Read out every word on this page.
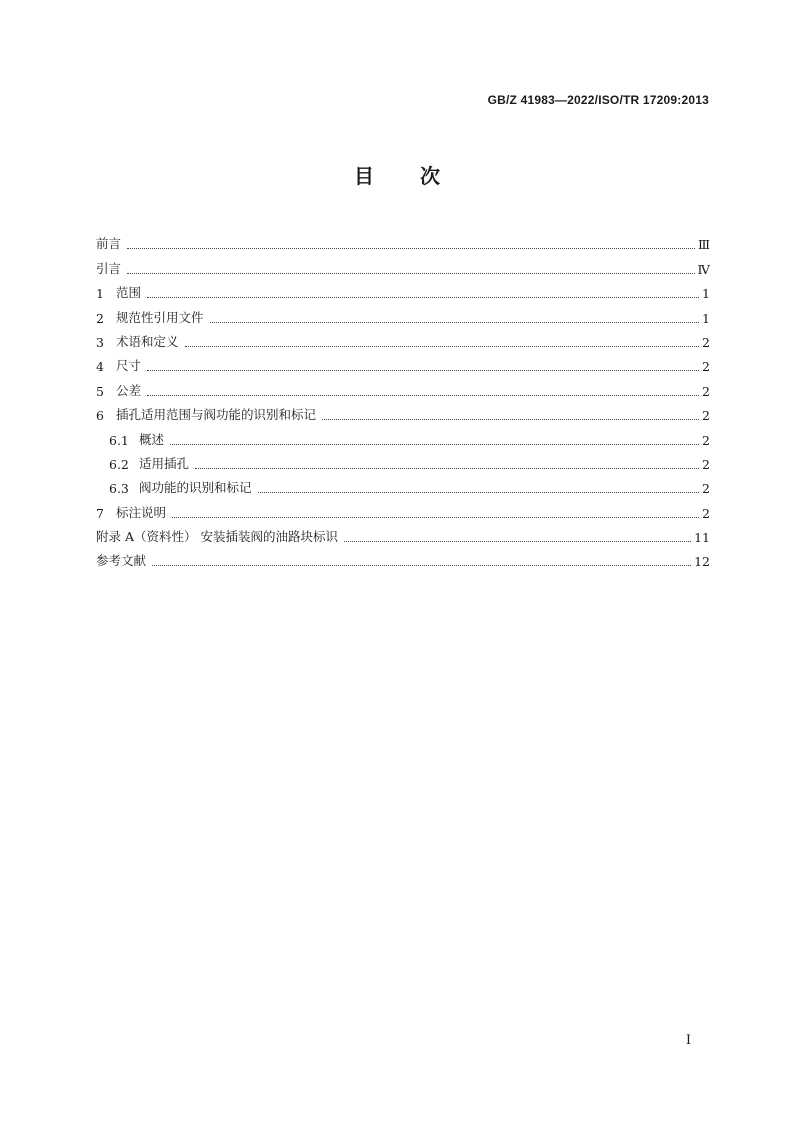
GB/Z 41983—2022/ISO/TR 17209:2013
目 次
前言	Ⅲ
引言	Ⅳ
1 范围	1
2 规范性引用文件	1
3 术语和定义	2
4 尺寸	2
5 公差	2
6 插孔适用范围与阀功能的识别和标记	2
6.1 概述	2
6.2 适用插孔	2
6.3 阀功能的识别和标记	2
7 标注说明	2
附录 A（资料性） 安装插装阀的油路块标识	11
参考文献	12
I
